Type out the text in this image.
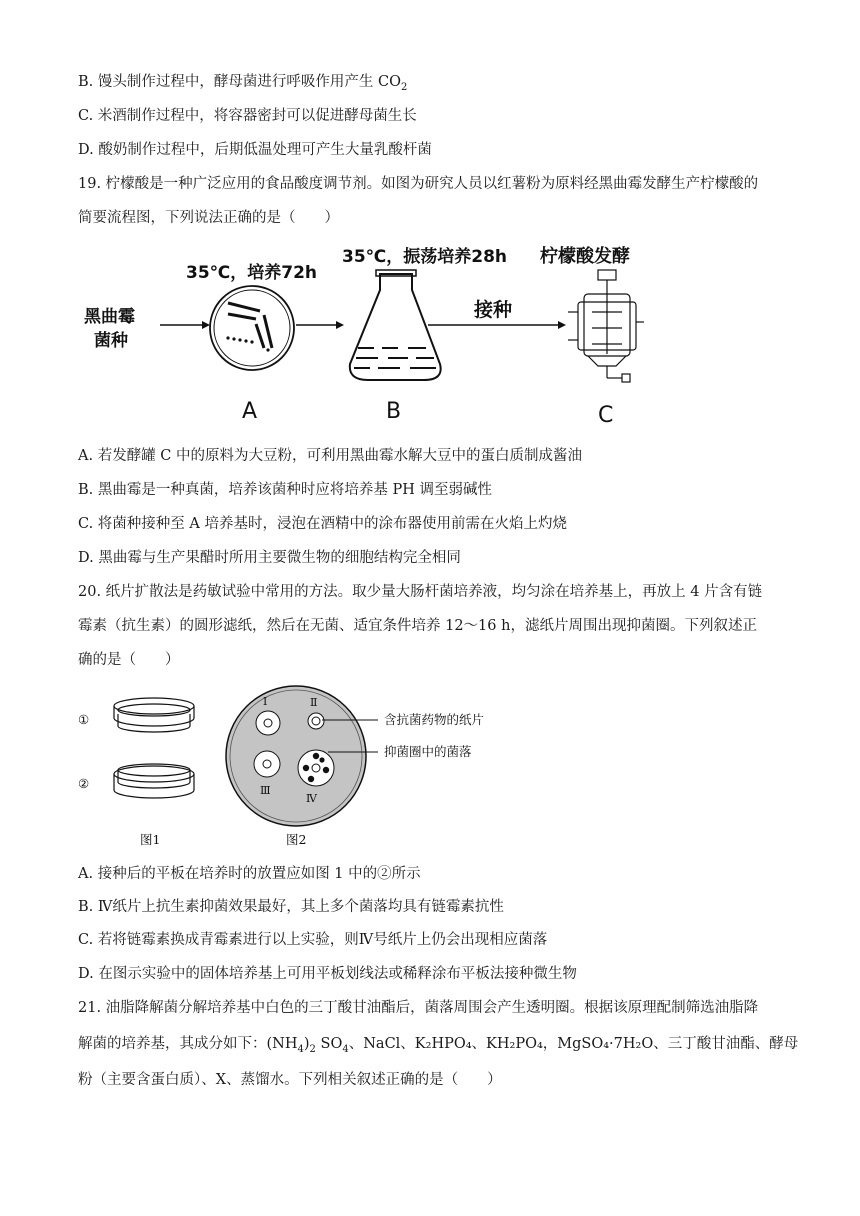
B. 馒头制作过程中，酵母菌进行呼吸作用产生 $CO_2$
C. 米酒制作过程中，将容器密封可以促进酵母菌生长
D. 酸奶制作过程中，后期低温处理可产生大量乳酸杆菌
19. 柠檬酸是一种广泛应用的食品酸度调节剂。如图为研究人员以红薯粉为原料经黑曲霉发酵生产柠檬酸的
简要流程图，下列说法正确的是（　　）
黑曲霉
菌种
35℃，培养72h
A
35℃，振荡培养28h
B
接种
柠檬酸发酵
C
A. 若发酵罐 C 中的原料为大豆粉，可利用黑曲霉水解大豆中的蛋白质制成酱油
B. 黑曲霉是一种真菌，培养该菌种时应将培养基 PH 调至弱碱性
C. 将菌种接种至 A 培养基时，浸泡在酒精中的涂布器使用前需在火焰上灼烧
D. 黑曲霉与生产果醋时所用主要微生物的细胞结构完全相同
20. 纸片扩散法是药敏试验中常用的方法。取少量大肠杆菌培养液，均匀涂在培养基上，再放上 4 片含有链
霉素（抗生素）的圆形滤纸，然后在无菌、适宜条件培养 12～16 h，滤纸片周围出现抑菌圈。下列叙述正
确的是（　　）
①
②
图1
Ⅰ	Ⅱ
Ⅲ
Ⅳ
含抗菌药物的纸片
抑菌圈中的菌落
图2
A. 接种后的平板在培养时的放置应如图 1 中的②所示
B. Ⅳ纸片上抗生素抑菌效果最好，其上多个菌落均具有链霉素抗性
C. 若将链霉素换成青霉素进行以上实验，则Ⅳ号纸片上仍会出现相应菌落
D. 在图示实验中的固体培养基上可用平板划线法或稀释涂布平板法接种微生物
21. 油脂降解菌分解培养基中白色的三丁酸甘油酯后，菌落周围会产生透明圈。根据该原理配制筛选油脂降
解菌的培养基，其成分如下：$(NH_4)_2$ $SO_4$、NaCl、K₂HPO₄、KH₂PO₄，MgSO₄·7H₂O、三丁酸甘油酯、酵母
粉（主要含蛋白质）、X、蒸馏水。下列相关叙述正确的是（　　）
